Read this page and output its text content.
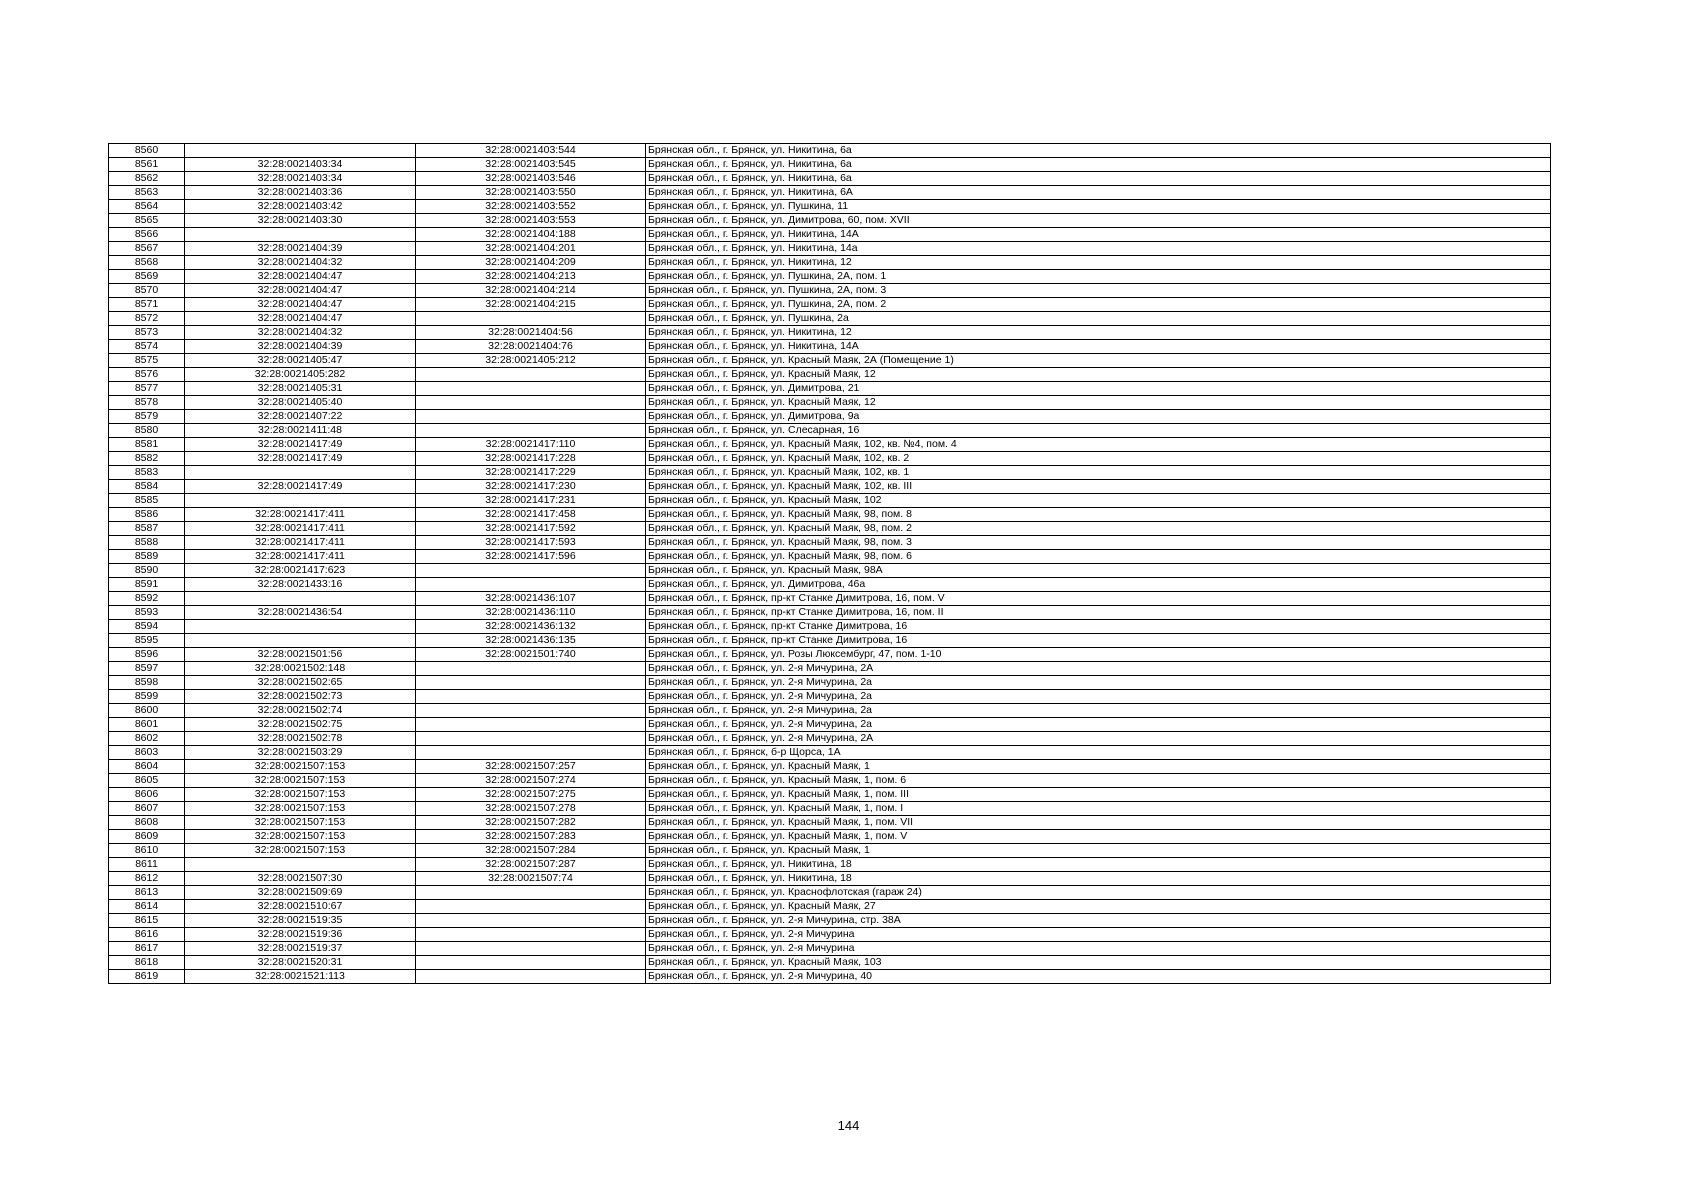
8560		32:28:0021403:544	Брянская обл., г. Брянск, ул. Никитина, 6а
8561	32:28:0021403:34	32:28:0021403:545	Брянская обл., г. Брянск, ул. Никитина, 6а
8562	32:28:0021403:34	32:28:0021403:546	Брянская обл., г. Брянск, ул. Никитина, 6а
8563	32:28:0021403:36	32:28:0021403:550	Брянская обл., г. Брянск, ул. Никитина, 6А
8564	32:28:0021403:42	32:28:0021403:552	Брянская обл., г. Брянск, ул. Пушкина, 11
8565	32:28:0021403:30	32:28:0021403:553	Брянская обл., г. Брянск, ул. Димитрова, 60, пом. XVII
8566		32:28:0021404:188	Брянская обл., г. Брянск, ул. Никитина, 14А
8567	32:28:0021404:39	32:28:0021404:201	Брянская обл., г. Брянск, ул. Никитина, 14а
8568	32:28:0021404:32	32:28:0021404:209	Брянская обл., г. Брянск, ул. Никитина, 12
8569	32:28:0021404:47	32:28:0021404:213	Брянская обл., г. Брянск, ул. Пушкина, 2А, пом. 1
8570	32:28:0021404:47	32:28:0021404:214	Брянская обл., г. Брянск, ул. Пушкина, 2А, пом. 3
8571	32:28:0021404:47	32:28:0021404:215	Брянская обл., г. Брянск, ул. Пушкина, 2А, пом. 2
8572	32:28:0021404:47		Брянская обл., г. Брянск, ул. Пушкина, 2а
8573	32:28:0021404:32	32:28:0021404:56	Брянская обл., г. Брянск, ул. Никитина, 12
8574	32:28:0021404:39	32:28:0021404:76	Брянская обл., г. Брянск, ул. Никитина, 14А
8575	32:28:0021405:47	32:28:0021405:212	Брянская обл., г. Брянск, ул. Красный Маяк, 2А (Помещение 1)
8576	32:28:0021405:282		Брянская обл., г. Брянск, ул. Красный Маяк, 12
8577	32:28:0021405:31		Брянская обл., г. Брянск, ул. Димитрова, 21
8578	32:28:0021405:40		Брянская обл., г. Брянск, ул. Красный Маяк, 12
8579	32:28:0021407:22		Брянская обл., г. Брянск, ул. Димитрова, 9а
8580	32:28:0021411:48		Брянская обл., г. Брянск, ул. Слесарная, 16
8581	32:28:0021417:49	32:28:0021417:110	Брянская обл., г. Брянск, ул. Красный Маяк, 102, кв. №4, пом. 4
8582	32:28:0021417:49	32:28:0021417:228	Брянская обл., г. Брянск, ул. Красный Маяк, 102, кв. 2
8583		32:28:0021417:229	Брянская обл., г. Брянск, ул. Красный Маяк, 102, кв. 1
8584	32:28:0021417:49	32:28:0021417:230	Брянская обл., г. Брянск, ул. Красный Маяк, 102, кв. III
8585		32:28:0021417:231	Брянская обл., г. Брянск, ул. Красный Маяк, 102
8586	32:28:0021417:411	32:28:0021417:458	Брянская обл., г. Брянск, ул. Красный Маяк, 98, пом. 8
8587	32:28:0021417:411	32:28:0021417:592	Брянская обл., г. Брянск, ул. Красный Маяк, 98, пом. 2
8588	32:28:0021417:411	32:28:0021417:593	Брянская обл., г. Брянск, ул. Красный Маяк, 98, пом. 3
8589	32:28:0021417:411	32:28:0021417:596	Брянская обл., г. Брянск, ул. Красный Маяк, 98, пом. 6
8590	32:28:0021417:623		Брянская обл., г. Брянск, ул. Красный Маяк, 98А
8591	32:28:0021433:16		Брянская обл., г. Брянск, ул. Димитрова, 46а
8592		32:28:0021436:107	Брянская обл., г. Брянск, пр-кт Станке Димитрова, 16, пом. V
8593	32:28:0021436:54	32:28:0021436:110	Брянская обл., г. Брянск, пр-кт Станке Димитрова, 16, пом. II
8594		32:28:0021436:132	Брянская обл., г. Брянск, пр-кт Станке Димитрова, 16
8595		32:28:0021436:135	Брянская обл., г. Брянск, пр-кт Станке Димитрова, 16
8596	32:28:0021501:56	32:28:0021501:740	Брянская обл., г. Брянск, ул. Розы Люксембург, 47, пом. 1-10
8597	32:28:0021502:148		Брянская обл., г. Брянск, ул. 2-я Мичурина, 2А
8598	32:28:0021502:65		Брянская обл., г. Брянск, ул. 2-я Мичурина, 2а
8599	32:28:0021502:73		Брянская обл., г. Брянск, ул. 2-я Мичурина, 2а
8600	32:28:0021502:74		Брянская обл., г. Брянск, ул. 2-я Мичурина, 2а
8601	32:28:0021502:75		Брянская обл., г. Брянск, ул. 2-я Мичурина, 2а
8602	32:28:0021502:78		Брянская обл., г. Брянск, ул. 2-я Мичурина, 2А
8603	32:28:0021503:29		Брянская обл., г. Брянск, б-р Щорса, 1А
8604	32:28:0021507:153	32:28:0021507:257	Брянская обл., г. Брянск, ул. Красный Маяк, 1
8605	32:28:0021507:153	32:28:0021507:274	Брянская обл., г. Брянск, ул. Красный Маяк, 1, пом. 6
8606	32:28:0021507:153	32:28:0021507:275	Брянская обл., г. Брянск, ул. Красный Маяк, 1, пом. III
8607	32:28:0021507:153	32:28:0021507:278	Брянская обл., г. Брянск, ул. Красный Маяк, 1, пом. I
8608	32:28:0021507:153	32:28:0021507:282	Брянская обл., г. Брянск, ул. Красный Маяк, 1, пом. VII
8609	32:28:0021507:153	32:28:0021507:283	Брянская обл., г. Брянск, ул. Красный Маяк, 1, пом. V
8610	32:28:0021507:153	32:28:0021507:284	Брянская обл., г. Брянск, ул. Красный Маяк, 1
8611		32:28:0021507:287	Брянская обл., г. Брянск, ул. Никитина, 18
8612	32:28:0021507:30	32:28:0021507:74	Брянская обл., г. Брянск, ул. Никитина, 18
8613	32:28:0021509:69		Брянская обл., г. Брянск, ул. Краснофлотская (гараж 24)
8614	32:28:0021510:67		Брянская обл., г. Брянск, ул. Красный Маяк, 27
8615	32:28:0021519:35		Брянская обл., г. Брянск, ул. 2-я Мичурина, стр. 38А
8616	32:28:0021519:36		Брянская обл., г. Брянск, ул. 2-я Мичурина
8617	32:28:0021519:37		Брянская обл., г. Брянск, ул. 2-я Мичурина
8618	32:28:0021520:31		Брянская обл., г. Брянск, ул. Красный Маяк, 103
8619	32:28:0021521:113		Брянская обл., г. Брянск, ул. 2-я Мичурина, 40
144
